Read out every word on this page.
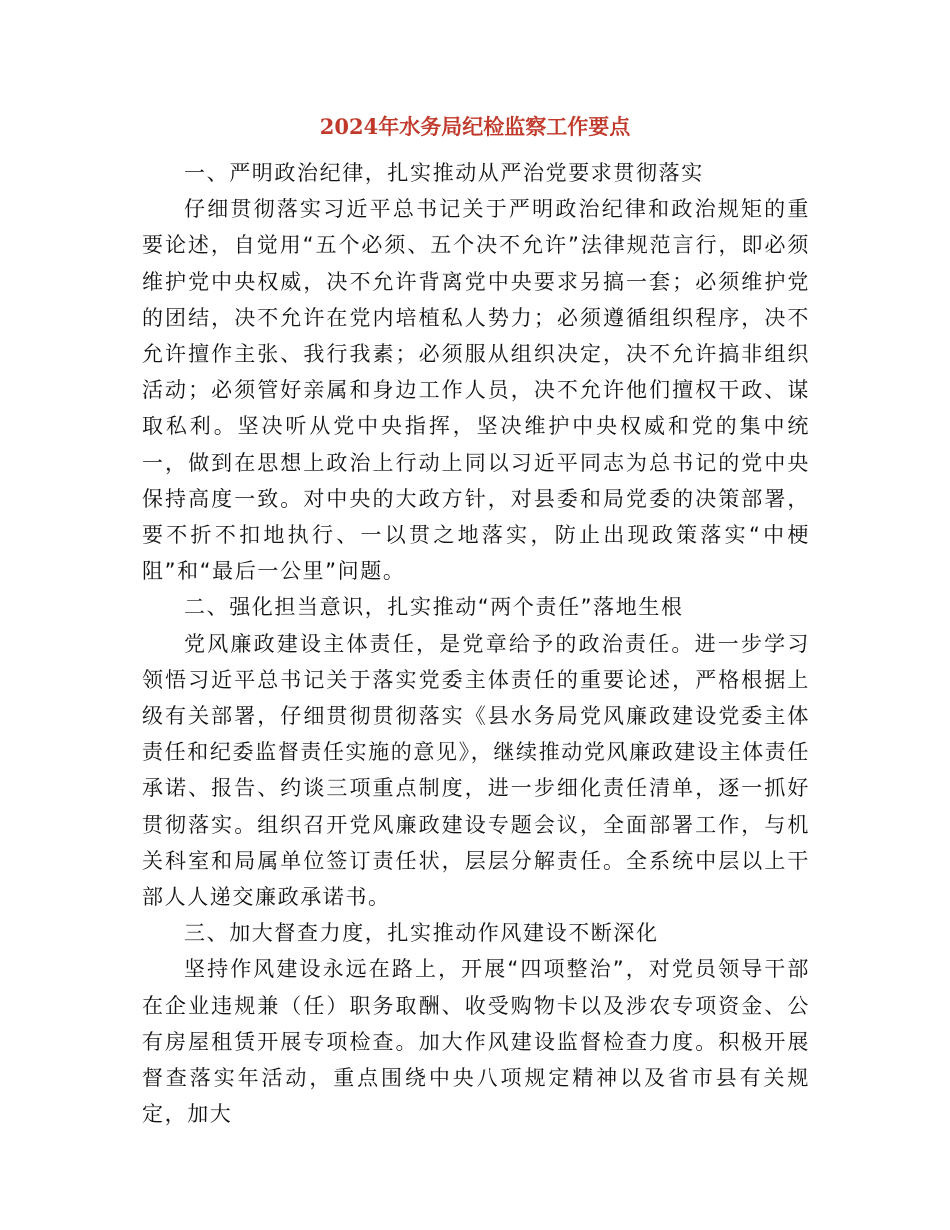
2024年水务局纪检监察工作要点

一、严明政治纪律，扎实推动从严治党要求贯彻落实

仔细贯彻落实习近平总书记关于严明政治纪律和政治规矩的重要论述，自觉用“五个必须、五个决不允许”法律规范言行，即必须维护党中央权威，决不允许背离党中央要求另搞一套；必须维护党的团结，决不允许在党内培植私人势力；必须遵循组织程序，决不允许擅作主张、我行我素；必须服从组织决定，决不允许搞非组织活动；必须管好亲属和身边工作人员，决不允许他们擅权干政、谋取私利。坚决听从党中央指挥，坚决维护中央权威和党的集中统一，做到在思想上政治上行动上同以习近平同志为总书记的党中央保持高度一致。对中央的大政方针，对县委和局党委的决策部署，要不折不扣地执行、一以贯之地落实，防止出现政策落实“中梗阻”和“最后一公里”问题。

二、强化担当意识，扎实推动“两个责任”落地生根

党风廉政建设主体责任，是党章给予的政治责任。进一步学习领悟习近平总书记关于落实党委主体责任的重要论述，严格根据上级有关部署，仔细贯彻贯彻落实《县水务局党风廉政建设党委主体责任和纪委监督责任实施的意见》，继续推动党风廉政建设主体责任承诺、报告、约谈三项重点制度，进一步细化责任清单，逐一抓好贯彻落实。组织召开党风廉政建设专题会议，全面部署工作，与机关科室和局属单位签订责任状，层层分解责任。全系统中层以上干部人人递交廉政承诺书。

三、加大督查力度，扎实推动作风建设不断深化

坚持作风建设永远在路上，开展“四项整治”，对党员领导干部在企业违规兼（任）职务取酬、收受购物卡以及涉农专项资金、公有房屋租赁开展专项检查。加大作风建设监督检查力度。积极开展督查落实年活动，重点围绕中央八项规定精神以及省市县有关规定，加大
